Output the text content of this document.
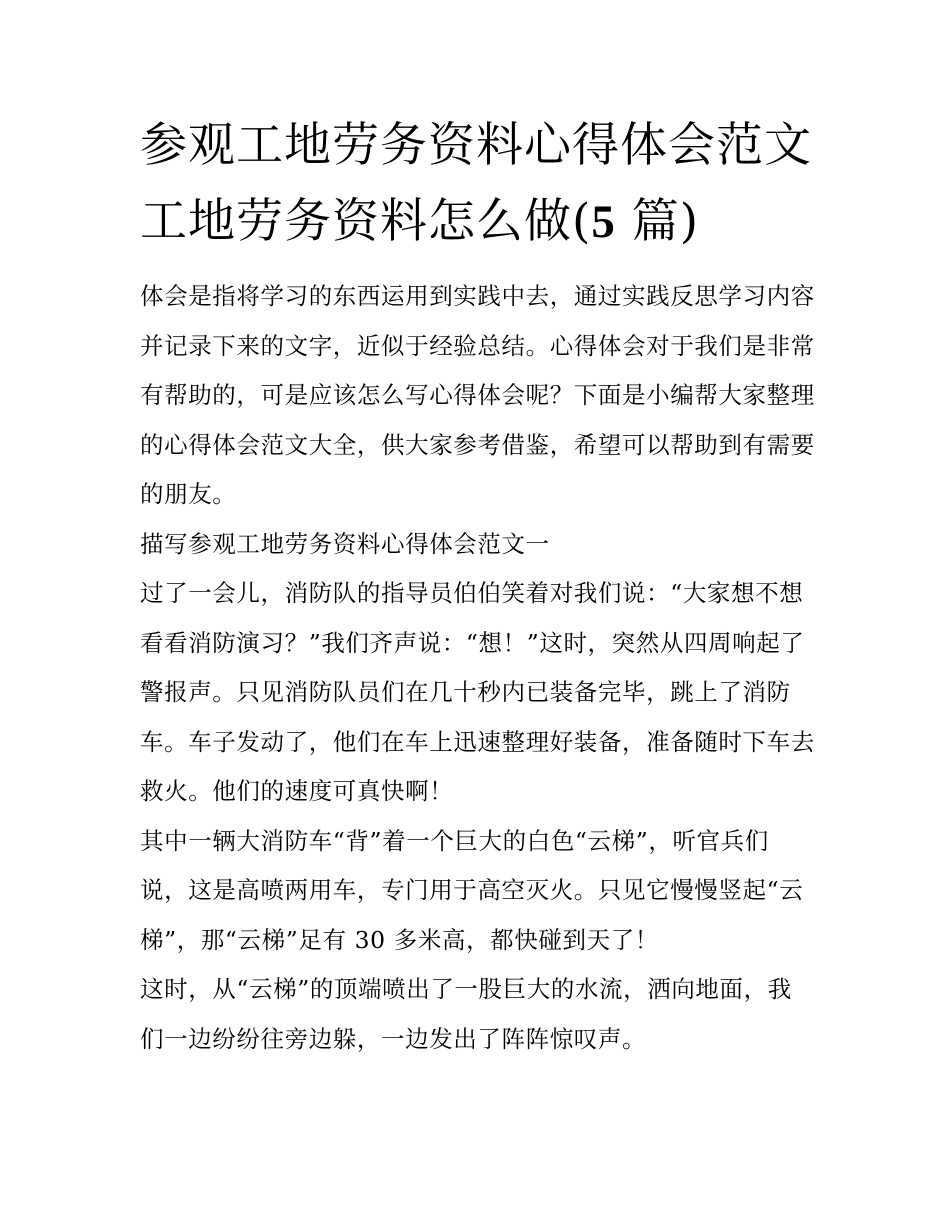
参观工地劳务资料心得体会范文 工地劳务资料怎么做(5 篇)

体会是指将学习的东西运用到实践中去，通过实践反思学习内容并记录下来的文字，近似于经验总结。心得体会对于我们是非常有帮助的，可是应该怎么写心得体会呢？下面是小编帮大家整理的心得体会范文大全，供大家参考借鉴，希望可以帮助到有需要的朋友。

描写参观工地劳务资料心得体会范文一

过了一会儿，消防队的指导员伯伯笑着对我们说：“大家想不想看看消防演习？”我们齐声说：“想！”这时，突然从四周响起了警报声。只见消防队员们在几十秒内已装备完毕，跳上了消防车。车子发动了，他们在车上迅速整理好装备，准备随时下车去救火。他们的速度可真快啊！

其中一辆大消防车“背”着一个巨大的白色“云梯”，听官兵们说，这是高喷两用车，专门用于高空灭火。只见它慢慢竖起“云梯”，那“云梯”足有 30 多米高，都快碰到天了！

这时，从“云梯”的顶端喷出了一股巨大的水流，洒向地面，我们一边纷纷往旁边躲，一边发出了阵阵惊叹声。
